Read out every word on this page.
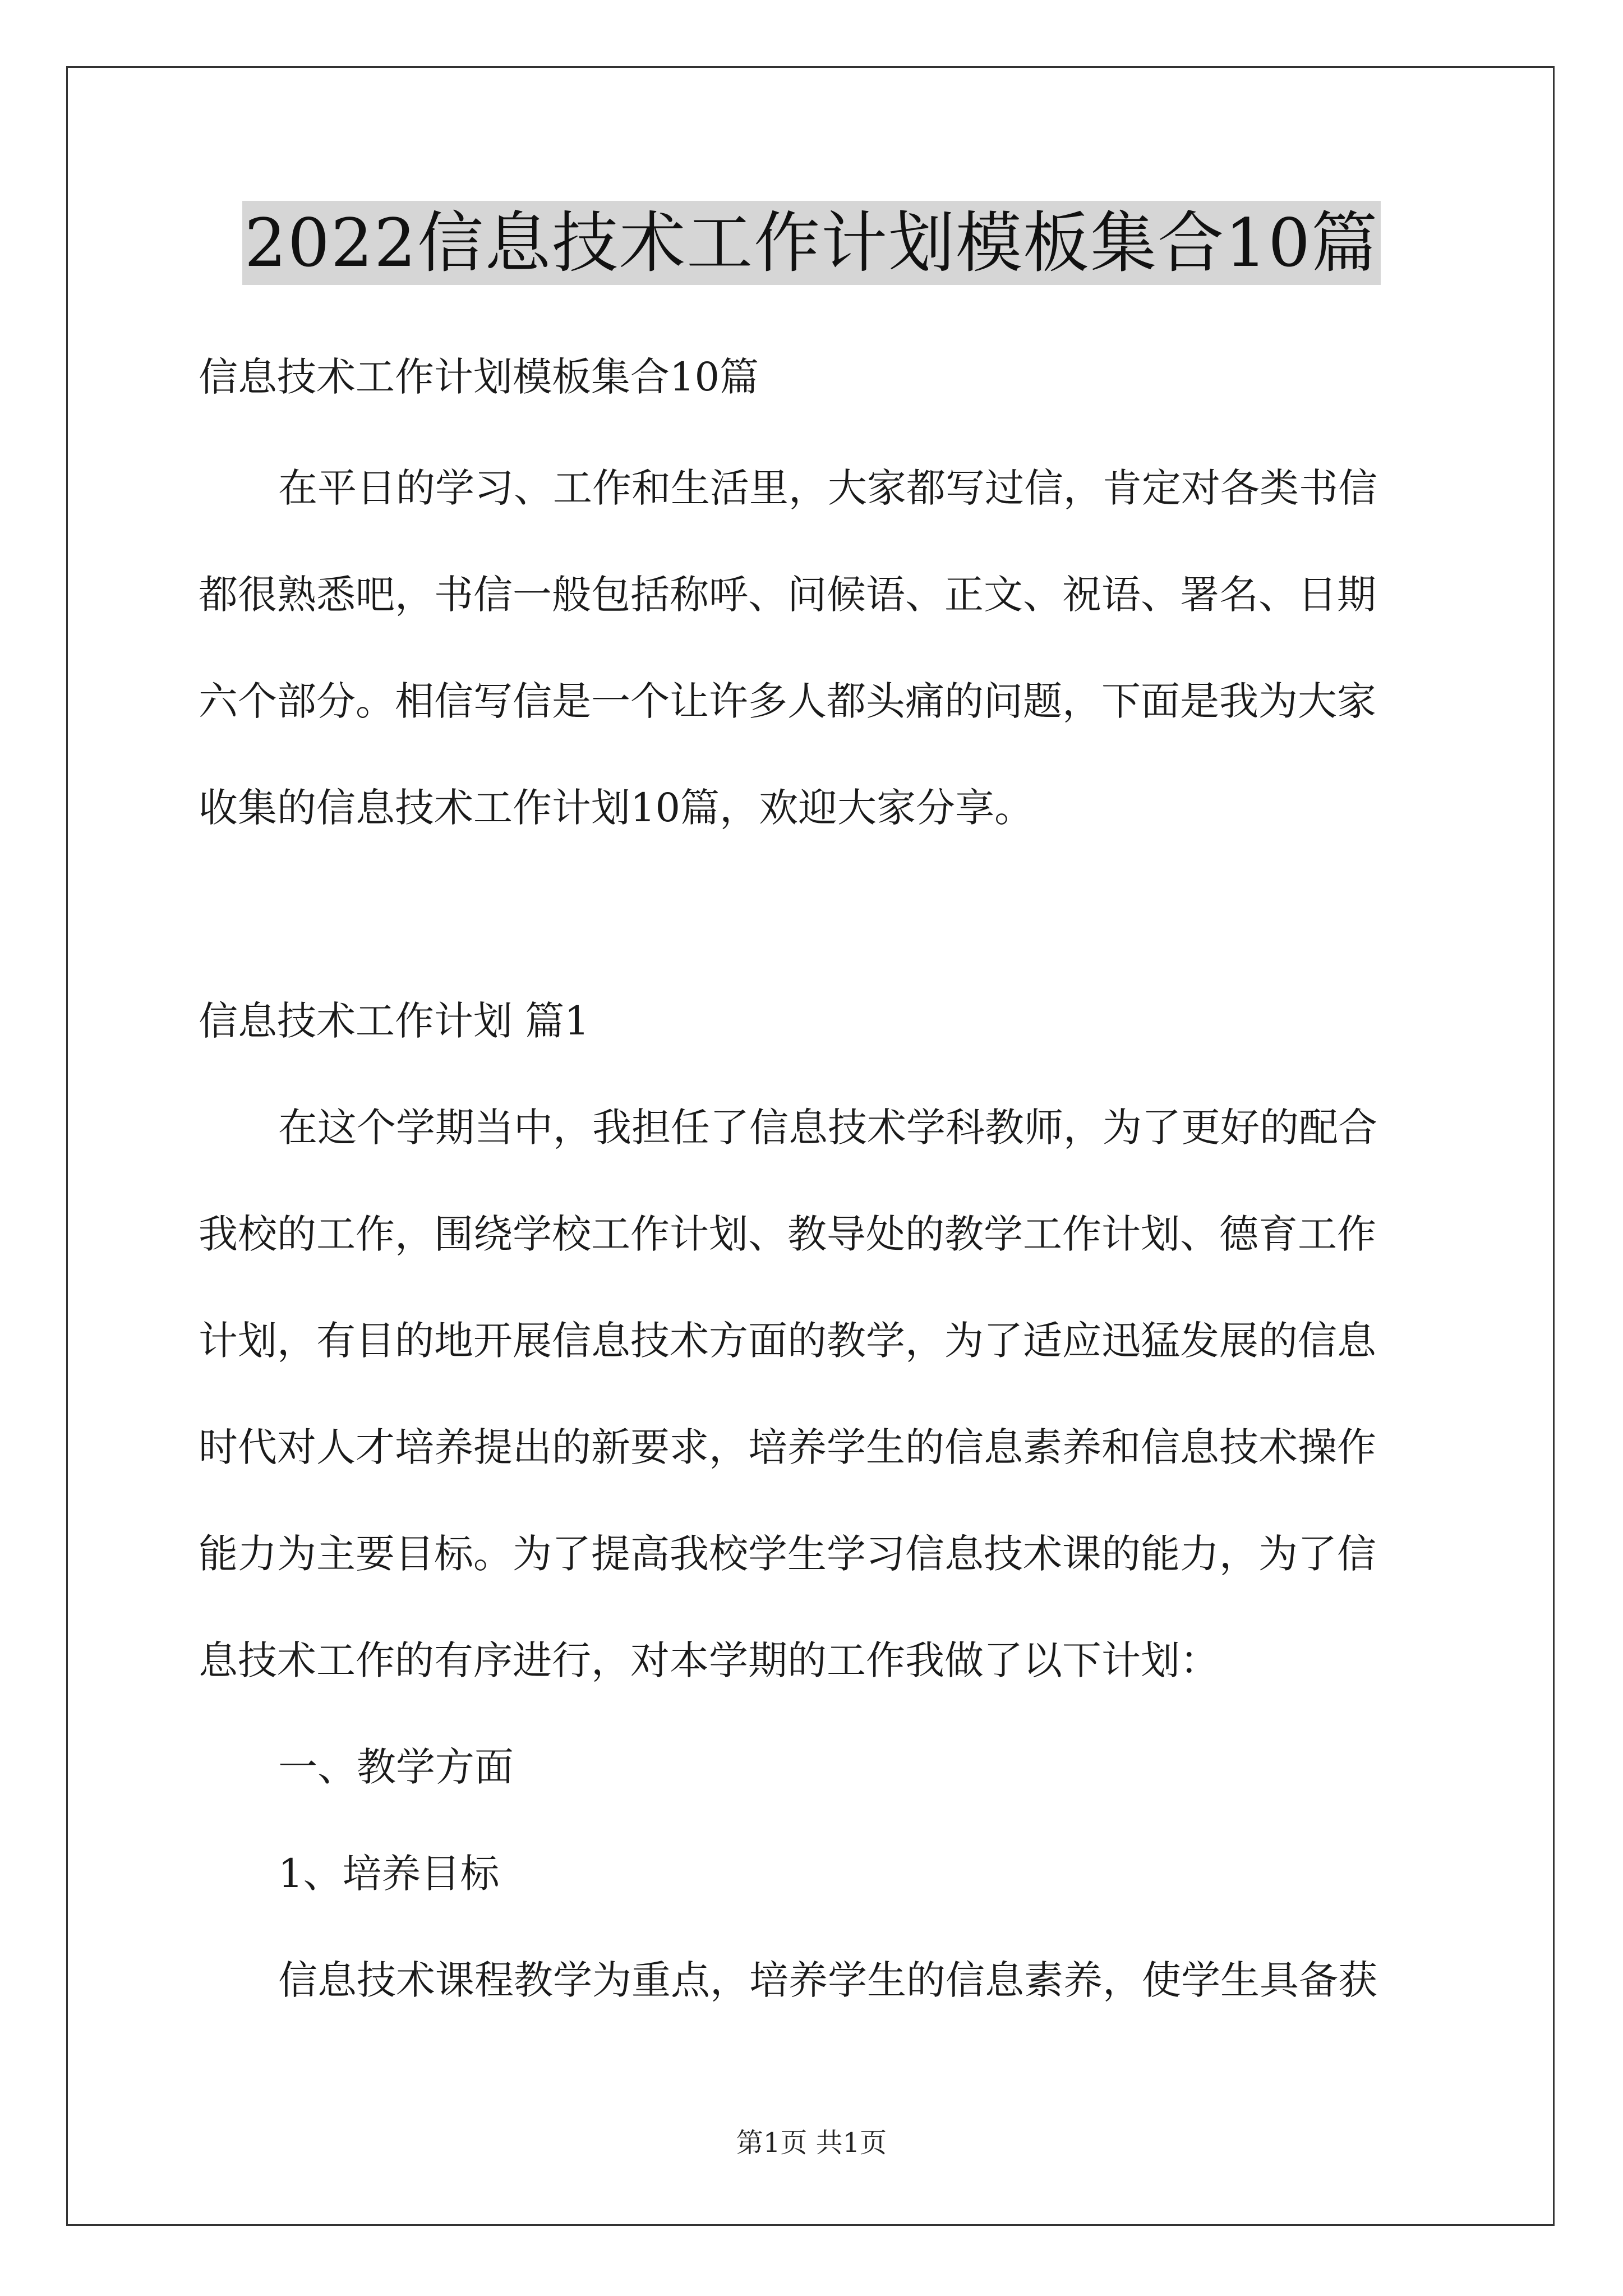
2022信息技术工作计划模板集合10篇
信息技术工作计划模板集合10篇
在平日的学习、工作和生活里，大家都写过信，肯定对各类书信
都很熟悉吧，书信一般包括称呼、问候语、正文、祝语、署名、日期
六个部分。相信写信是一个让许多人都头痛的问题，下面是我为大家
收集的信息技术工作计划10篇，欢迎大家分享。
信息技术工作计划 篇1
在这个学期当中，我担任了信息技术学科教师，为了更好的配合
我校的工作，围绕学校工作计划、教导处的教学工作计划、德育工作
计划，有目的地开展信息技术方面的教学，为了适应迅猛发展的信息
时代对人才培养提出的新要求，培养学生的信息素养和信息技术操作
能力为主要目标。为了提高我校学生学习信息技术课的能力，为了信
息技术工作的有序进行，对本学期的工作我做了以下计划：
一、教学方面
1、培养目标
信息技术课程教学为重点，培养学生的信息素养，使学生具备获
第1页 共1页
